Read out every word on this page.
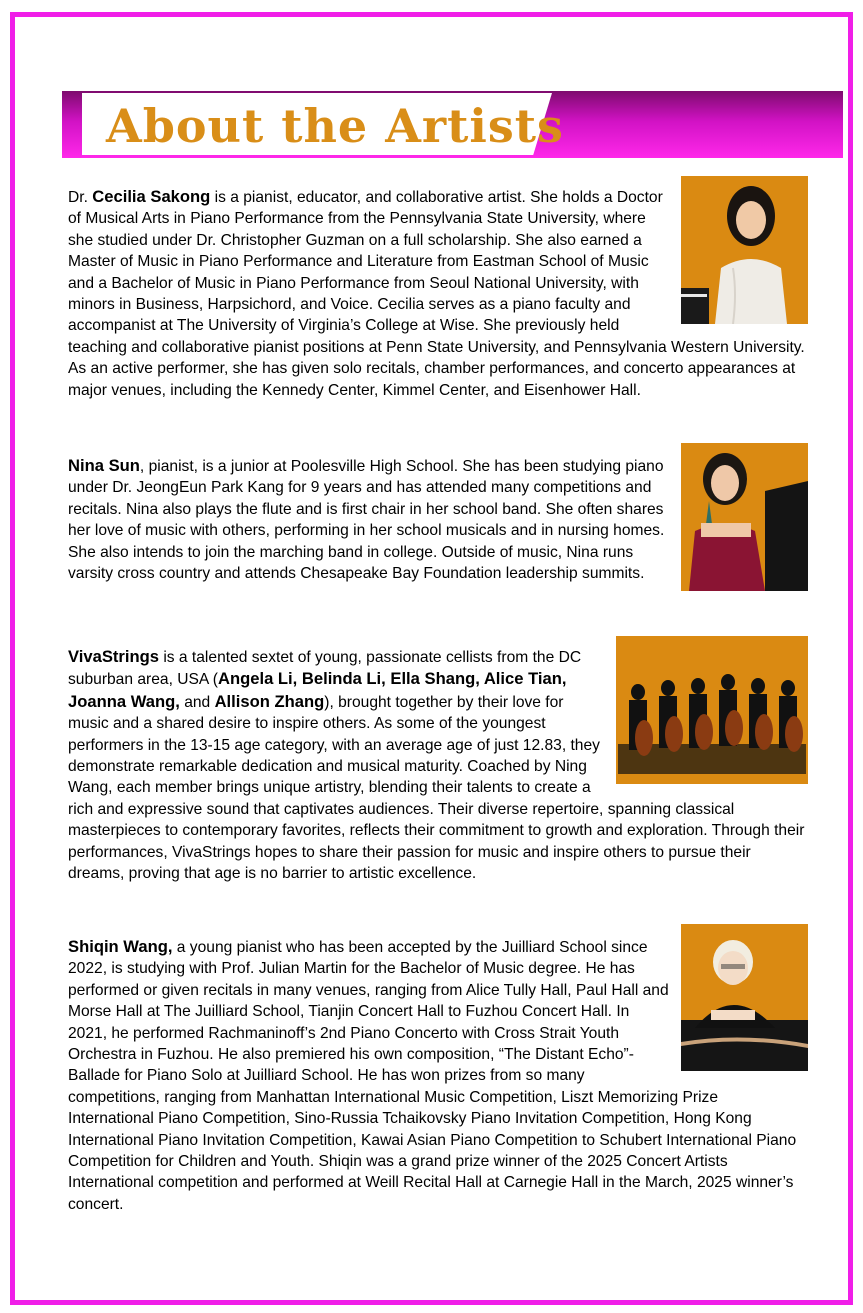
About the Artists

Dr. Cecilia Sakong is a pianist, educator, and collaborative artist. She holds a Doctor of Musical Arts in Piano Performance from the Pennsylvania State University, where she studied under Dr. Christopher Guzman on a full scholarship. She also earned a Master of Music in Piano Performance and Literature from Eastman School of Music and a Bachelor of Music in Piano Performance from Seoul National University, with minors in Business, Harpsichord, and Voice. Cecilia serves as a piano faculty and accompanist at The University of Virginia’s College at Wise. She previously held teaching and collaborative pianist positions at Penn State University, and Pennsylvania Western University. As an active performer, she has given solo recitals, chamber performances, and concerto appearances at major venues, including the Kennedy Center, Kimmel Center, and Eisenhower Hall.

Nina Sun, pianist, is a junior at Poolesville High School. She has been studying piano under Dr. JeongEun Park Kang for 9 years and has attended many competitions and recitals. Nina also plays the flute and is first chair in her school band. She often shares her love of music with others, performing in her school musicals and in nursing homes. She also intends to join the marching band in college. Outside of music, Nina runs varsity cross country and attends Chesapeake Bay Foundation leadership summits.

VivaStrings is a talented sextet of young, passionate cellists from the DC suburban area, USA (Angela Li, Belinda Li, Ella Shang, Alice Tian, Joanna Wang, and Allison Zhang), brought together by their love for music and a shared desire to inspire others. As some of the youngest performers in the 13-15 age category, with an average age of just 12.83, they demonstrate remarkable dedication and musical maturity. Coached by Ning Wang, each member brings unique artistry, blending their talents to create a rich and expressive sound that captivates audiences. Their diverse repertoire, spanning classical masterpieces to contemporary favorites, reflects their commitment to growth and exploration. Through their performances, VivaStrings hopes to share their passion for music and inspire others to pursue their dreams, proving that age is no barrier to artistic excellence.

Shiqin Wang, a young pianist who has been accepted by the Juilliard School since 2022, is studying with Prof. Julian Martin for the Bachelor of Music degree. He has performed or given recitals in many venues, ranging from Alice Tully Hall, Paul Hall and Morse Hall at The Juilliard School, Tianjin Concert Hall to Fuzhou Concert Hall. In 2021, he performed Rachmaninoff’s 2nd Piano Concerto with Cross Strait Youth Orchestra in Fuzhou. He also premiered his own composition, “The Distant Echo”- Ballade for Piano Solo at Juilliard School. He has won prizes from so many competitions, ranging from Manhattan International Music Competition, Liszt Memorizing Prize International Piano Competition, Sino-Russia Tchaikovsky Piano Invitation Competition, Hong Kong International Piano Invitation Competition, Kawai Asian Piano Competition to Schubert International Piano Competition for Children and Youth. Shiqin was a grand prize winner of the 2025 Concert Artists International competition and performed at Weill Recital Hall at Carnegie Hall in the March, 2025 winner’s concert.
